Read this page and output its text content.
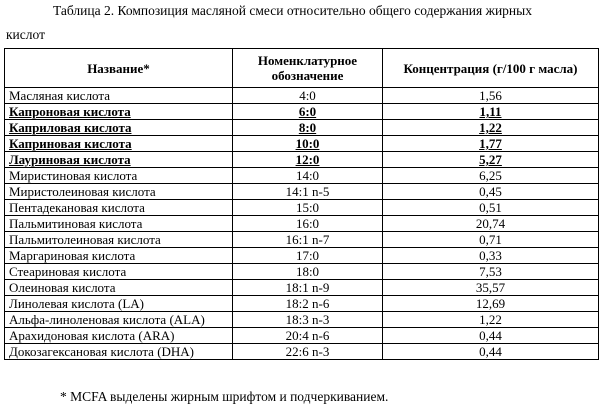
Таблица 2. Композиция масляной смеси относительно общего содержания жирных
кислот
Название*	Номенклатурное обозначение	Концентрация (г/100 г масла)
Масляная кислота	4:0	1,56
Капроновая кислота	6:0	1,11
Каприловая кислота	8:0	1,22
Каприновая кислота	10:0	1,77
Лауриновая кислота	12:0	5,27
Миристиновая кислота	14:0	6,25
Миристолеиновая кислота	14:1 n-5	0,45
Пентадекановая кислота	15:0	0,51
Пальмитиновая кислота	16:0	20,74
Пальмитолеиновая кислота	16:1 n-7	0,71
Маргариновая кислота	17:0	0,33
Стеариновая кислота	18:0	7,53
Олеиновая кислота	18:1 n-9	35,57
Линолевая кислота (LA)	18:2 n-6	12,69
Альфа-линоленовая кислота (ALA)	18:3 n-3	1,22
Арахидоновая кислота (ARA)	20:4 n-6	0,44
Докозагексановая кислота (DHA)	22:6 n-3	0,44
* MCFA выделены жирным шрифтом и подчеркиванием.
